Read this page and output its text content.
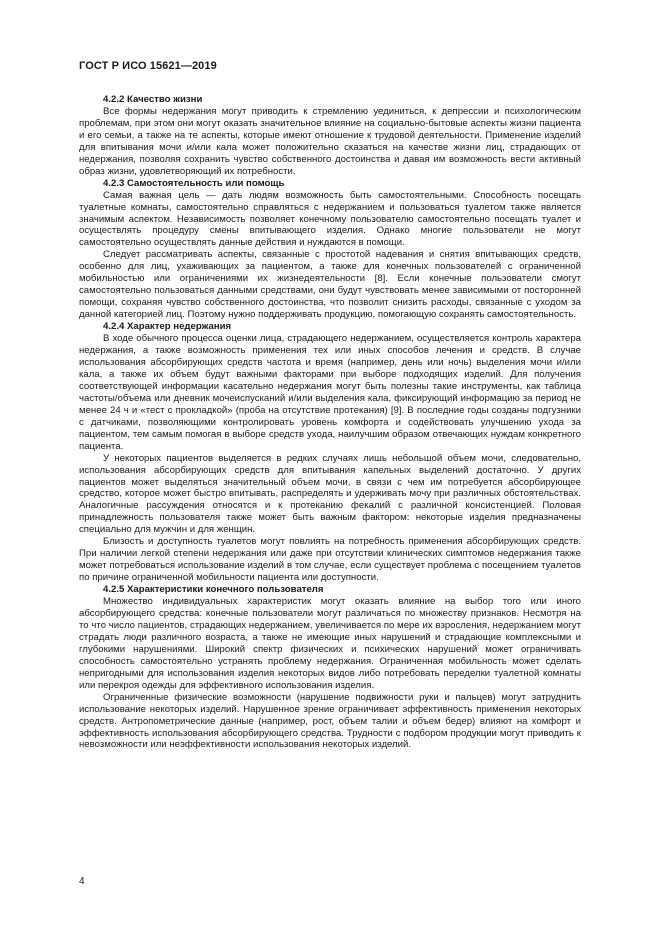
ГОСТ Р ИСО 15621—2019
4.2.2 Качество жизни

Все формы недержания могут приводить к стремлению уединиться, к депрессии и психологическим проблемам, при этом они могут оказать значительное влияние на социально-бытовые аспекты жизни пациента и его семьи, а также на те аспекты, которые имеют отношение к трудовой деятельности. Применение изделий для впитывания мочи и/или кала может положительно сказаться на качестве жизни лиц, страдающих от недержания, позволяя сохранить чувство собственного достоинства и давая им возможность вести активный образ жизни, удовлетворяющий их потребности.

4.2.3 Самостоятельность или помощь

Самая важная цель — дать людям возможность быть самостоятельными. Способность посещать туалетные комнаты, самостоятельно справляться с недержанием и пользоваться туалетом также является значимым аспектом. Независимость позволяет конечному пользователю самостоятельно посещать туалет и осуществлять процедуру смены впитывающего изделия. Однако многие пользователи не могут самостоятельно осуществлять данные действия и нуждаются в помощи.

Следует рассматривать аспекты, связанные с простотой надевания и снятия впитывающих средств, особенно для лиц, ухаживающих за пациентом, а также для конечных пользователей с ограниченной мобильностью или ограничениями их жизнедеятельности [8]. Если конечные пользователи смогут самостоятельно пользоваться данными средствами, они будут чувствовать менее зависимыми от посторонней помощи, сохраняя чувство собственного достоинства, что позволит снизить расходы, связанные с уходом за данной категорией лиц. Поэтому нужно поддерживать продукцию, помогающую сохранять самостоятельность.

4.2.4 Характер недержания

В ходе обычного процесса оценки лица, страдающего недержанием, осуществляется контроль характера недержания, а также возможность применения тех или иных способов лечения и средств. В случае использования абсорбирующих средств частота и время (например, день или ночь) выделения мочи и/или кала, а также их объем будут важными факторами при выборе подходящих изделий. Для получения соответствующей информации касательно недержания могут быть полезны такие инструменты, как таблица частоты/объема или дневник мочеиспусканий и/или выделения кала, фиксирующий информацию за период не менее 24 ч и «тест с прокладкой» (проба на отсутствие протекания) [9]. В последние годы созданы подгузники с датчиками, позволяющими контролировать уровень комфорта и содействовать улучшению ухода за пациентом, тем самым помогая в выборе средств ухода, наилучшим образом отвечающих нуждам конкретного пациента.

У некоторых пациентов выделяется в редких случаях лишь небольшой объем мочи, следовательно, использования абсорбирующих средств для впитывания капельных выделений достаточно. У других пациентов может выделяться значительный объем мочи, в связи с чем им потребуется абсорбирующее средство, которое может быстро впитывать, распределять и удерживать мочу при различных обстоятельствах. Аналогичные рассуждения относятся и к протеканию фекалий с различной консистенцией. Половая принадлежность пользователя также может быть важным фактором: некоторые изделия предназначены специально для мужчин и для женщин.

Близость и доступность туалетов могут повлиять на потребность применения абсорбирующих средств. При наличии легкой степени недержания или даже при отсутствии клинических симптомов недержания также может потребоваться использование изделий в том случае, если существует проблема с посещением туалетов по причине ограниченной мобильности пациента или доступности.

4.2.5 Характеристики конечного пользователя

Множество индивидуальных характеристик могут оказать влияние на выбор того или иного абсорбирующего средства: конечные пользователи могут различаться по множеству признаков. Несмотря на то что число пациентов, страдающих недержанием, увеличивается по мере их взросления, недержанием могут страдать люди различного возраста, а также не имеющие иных нарушений и страдающие комплексными и глубокими нарушениями. Широкий спектр физических и психических нарушений может ограничивать способность самостоятельно устранять проблему недержания. Ограниченная мобильность может сделать непригодными для использования изделия некоторых видов либо потребовать переделки туалетной комнаты или перекроя одежды для эффективного использования изделия.

Ограниченные физические возможности (нарушение подвижности руки и пальцев) могут затруднить использование некоторых изделий. Нарушенное зрение ограничивает эффективность применения некоторых средств. Антропометрические данные (например, рост, объем талии и объем бедер) влияют на комфорт и эффективность использования абсорбирующего средства. Трудности с подбором продукции могут приводить к невозможности или неэффективности использования некоторых изделий.

4
